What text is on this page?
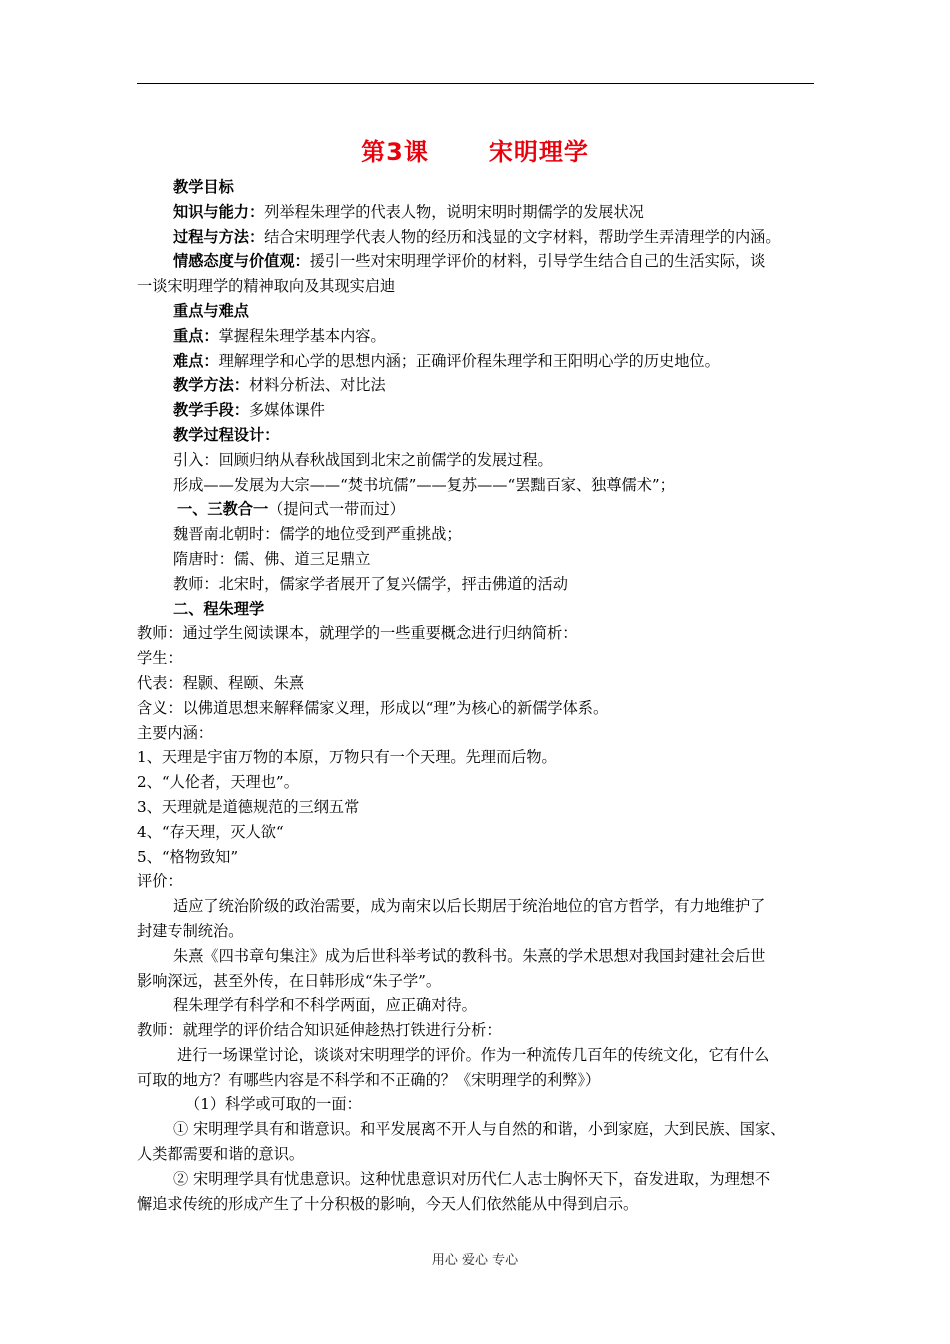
第3课	宋明理学

教学目标

知识与能力：列举程朱理学的代表人物，说明宋明时期儒学的发展状况

过程与方法：结合宋明理学代表人物的经历和浅显的文字材料，帮助学生弄清理学的内涵。

情感态度与价值观：援引一些对宋明理学评价的材料，引导学生结合自己的生活实际，谈

一谈宋明理学的精神取向及其现实启迪

重点与难点

重点：掌握程朱理学基本内容。

难点：理解理学和心学的思想内涵；正确评价程朱理学和王阳明心学的历史地位。

教学方法：材料分析法、对比法

教学手段：多媒体课件

教学过程设计：

引入：回顾归纳从春秋战国到北宋之前儒学的发展过程。

形成——发展为大宗——“焚书坑儒”——复苏——“罢黜百家、独尊儒术”；

一、三教合一（提问式一带而过）

魏晋南北朝时：儒学的地位受到严重挑战；

隋唐时：儒、佛、道三足鼎立

教师：北宋时，儒家学者展开了复兴儒学，抨击佛道的活动

二、程朱理学

教师：通过学生阅读课本，就理学的一些重要概念进行归纳简析：

学生：

代表：程颢、程颐、朱熹

含义：以佛道思想来解释儒家义理，形成以“理”为核心的新儒学体系。

主要内涵：

1、天理是宇宙万物的本原，万物只有一个天理。先理而后物。

2、“人伦者，天理也”。

3、天理就是道德规范的三纲五常

4、“存天理，灭人欲“

5、“格物致知”

评价：

适应了统治阶级的政治需要，成为南宋以后长期居于统治地位的官方哲学，有力地维护了

封建专制统治。

朱熹《四书章句集注》成为后世科举考试的教科书。朱熹的学术思想对我国封建社会后世

影响深远，甚至外传，在日韩形成“朱子学”。

程朱理学有科学和不科学两面，应正确对待。

教师：就理学的评价结合知识延伸趁热打铁进行分析：

进行一场课堂讨论，谈谈对宋明理学的评价。作为一种流传几百年的传统文化，它有什么

可取的地方？有哪些内容是不科学和不正确的？《宋明理学的利弊》）

（1）科学或可取的一面：

① 宋明理学具有和谐意识。和平发展离不开人与自然的和谐，小到家庭，大到民族、国家、

人类都需要和谐的意识。

② 宋明理学具有忧患意识。这种忧患意识对历代仁人志士胸怀天下，奋发进取，为理想不

懈追求传统的形成产生了十分积极的影响，今天人们依然能从中得到启示。

用心 爱心 专心
